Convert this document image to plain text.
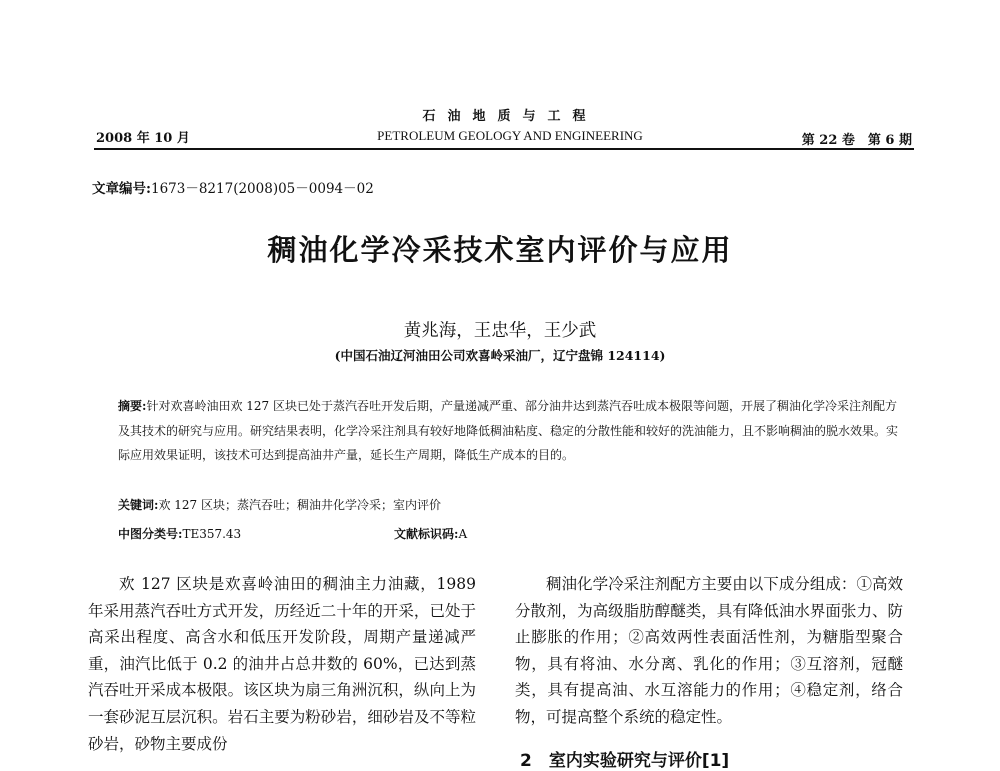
石油地质与工程
PETROLEUM GEOLOGY AND ENGINEERING
2008 年 10 月	第 22 卷　第 6 期
文章编号:1673－8217(2008)05－0094－02
稠油化学冷采技术室内评价与应用
黄兆海，王忠华，王少武
(中国石油辽河油田公司欢喜岭采油厂，辽宁盘锦 124114)
摘要:针对欢喜岭油田欢 127 区块已处于蒸汽吞吐开发后期，产量递减严重、部分油井达到蒸汽吞吐成本极限等问题，开展了稠油化学冷采注剂配方及其技术的研究与应用。研究结果表明，化学冷采注剂具有较好地降低稠油粘度、稳定的分散性能和较好的洗油能力，且不影响稠油的脱水效果。实际应用效果证明，该技术可达到提高油井产量，延长生产周期，降低生产成本的目的。
关键词:欢 127 区块；蒸汽吞吐；稠油井化学冷采；室内评价
中图分类号:TE357.43	文献标识码:A
欢 127 区块是欢喜岭油田的稠油主力油藏，1989 年采用蒸汽吞吐方式开发，历经近二十年的开采，已处于高采出程度、高含水和低压开发阶段，周期产量递减严重，油汽比低于 0.2 的油井占总井数的 60%，已达到蒸汽吞吐开采成本极限。该区块为扇三角洲沉积，纵向上为一套砂泥互层沉积。岩石主要为粉砂岩，细砂岩及不等粒砂岩，砂物主要成份
稠油化学冷采注剂配方主要由以下成分组成：①高效分散剂，为高级脂肪醇醚类，具有降低油水界面张力、防止膨胀的作用；②高效两性表面活性剂，为糖脂型聚合物，具有将油、水分离、乳化的作用；③互溶剂，冠醚类，具有提高油、水互溶能力的作用；④稳定剂，络合物，可提高整个系统的稳定性。
2　室内实验研究与评价[1]
